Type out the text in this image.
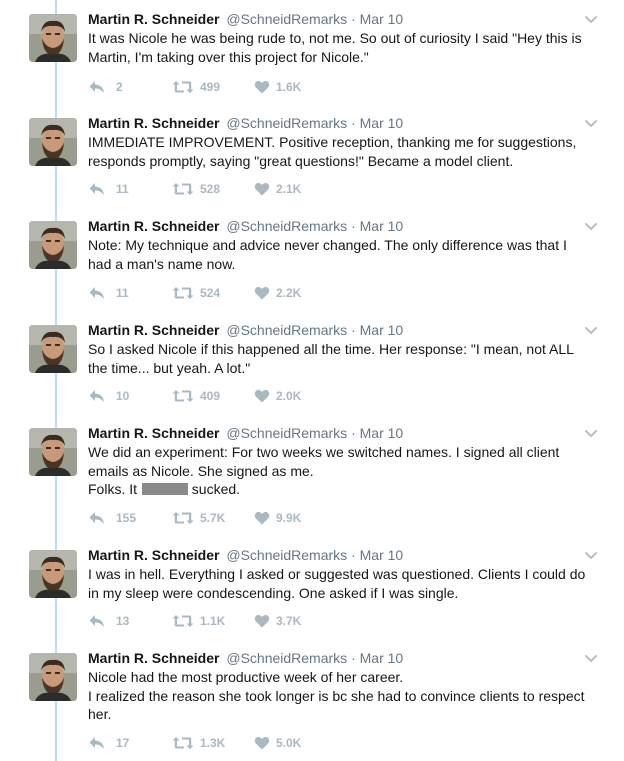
Martin R. Schneider @SchneidRemarks · Mar 10
It was Nicole he was being rude to, not me. So out of curiosity I said "Hey this is
Martin, I'm taking over this project for Nicole."
2	499	1.6K
Martin R. Schneider @SchneidRemarks · Mar 10
IMMEDIATE IMPROVEMENT. Positive reception, thanking me for suggestions,
responds promptly, saying "great questions!" Became a model client.
11	528	2.1K
Martin R. Schneider @SchneidRemarks · Mar 10
Note: My technique and advice never changed. The only difference was that I
had a man's name now.
11	524	2.2K
Martin R. Schneider @SchneidRemarks · Mar 10
So I asked Nicole if this happened all the time. Her response: "I mean, not ALL
the time... but yeah. A lot."
10	409	2.0K
Martin R. Schneider @SchneidRemarks · Mar 10
We did an experiment: For two weeks we switched names. I signed all client
emails as Nicole. She signed as me.
Folks. It	sucked.
155	5.7K	9.9K
Martin R. Schneider @SchneidRemarks · Mar 10
I was in hell. Everything I asked or suggested was questioned. Clients I could do
in my sleep were condescending. One asked if I was single.
13	1.1K	3.7K
Martin R. Schneider @SchneidRemarks · Mar 10
Nicole had the most productive week of her career.
I realized the reason she took longer is bc she had to convince clients to respect
her.
17	1.3K	5.0K
